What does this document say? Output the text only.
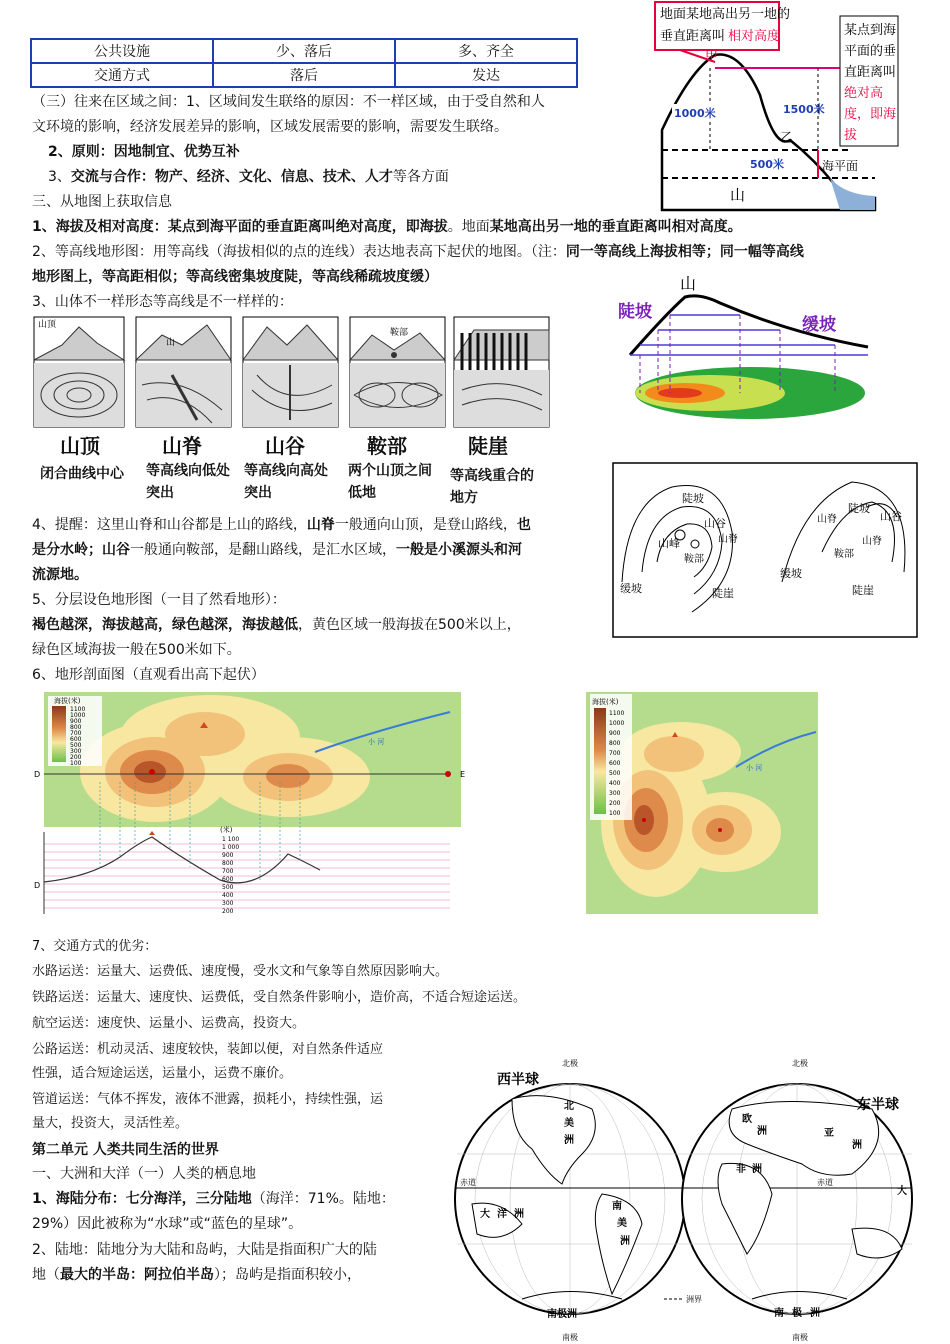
公共设施	少、落后	多、齐全
交通方式	落后	发达
（三）往来在区域之间：1、区域间发生联络的原因：不一样区域，由于受自然和人
文环境的影响，经济发展差异的影响，区域发展需要的影响，需要发生联络。
2、原则：因地制宜、优势互补
3、交流与合作：物产、经济、文化、信息、技术、人才等各方面
三、从地图上获取信息
1、海拔及相对高度：某点到海平面的垂直距离叫绝对高度，即海拔。地面某地高出另一地的垂直距离叫相对高度。
2、等高线地形图：用等高线（海拔相似的点的连线）表达地表高下起伏的地图。（注：同一等高线上海拔相等；同一幅等高线
地形图上，等高距相似；等高线密集坡度陡，等高线稀疏坡度缓）
3、山体不一样形态等高线是不一样样的：
地面某地高出另一地的
垂直距离叫 相对高度	某点到海
平面的垂
直距离叫
绝对高
度，即海
拔
甲
乙
1000米	1500米
500米	海平面
山
山
陡坡
缓坡
山顶
山
鞍部
山顶	山脊	山谷	鞍部	陡崖
闭合曲线中心	等高线向低处突出
等高线向高处突出
两个山顶之间低地
等高线重合的地方	陡坡
山谷
山峰	山脊
鞍部
缓坡	陡崖
陡坡
山谷
山脊
山脊
鞍部
缓坡
陡崖
4、提醒：这里山脊和山谷都是上山的路线，山脊一般通向山顶，是登山路线，也
是分水岭；山谷一般通向鞍部，是翻山路线，是汇水区域，一般是小溪源头和河
流源地。
5、分层设色地形图（一目了然看地形）：
褐色越深，海拔越高，绿色越深，海拔越低，黄色区域一般海拔在500米以上，
绿色区域海拔一般在500米如下。
6、地形剖面图（直观看出高下起伏）
海拔(米)
1100
1000
900
800
700
600
500
300
200
100
D	E
小 河
(米)
1 100
1 000
900
800
700
600
500
400
300
200
D
海拔(米)
1100
1000
900
800
700
600
500
400
300
200
100
小 河
7、交通方式的优劣：
水路运送：运量大、运费低、速度慢，受水文和气象等自然原因影响大。
铁路运送：运量大、速度快、运费低，受自然条件影响小，造价高，不适合短途运送。
航空运送：速度快、运量小、运费高，投资大。
公路运送：机动灵活、速度较快，装卸以便，对自然条件适应
性强，适合短途运送，运量小，运费不廉价。
管道运送：气体不挥发，液体不泄露，损耗小，持续性强，运
量大，投资大，灵活性差。
第二单元 人类共同生活的世界
一、大洲和大洋（一）人类的栖息地
1、海陆分布：七分海洋，三分陆地（海洋：71%。陆地：
29%）因此被称为“水球”或“蓝色的星球”。
2、陆地：陆地分为大陆和岛屿，大陆是指面积广大的陆
地（最大的半岛：阿拉伯半岛）；岛屿是指面积较小，
西半球
东半球
北极	北极
南极	南极
赤道	赤道
北
美
洲
大 洋 洲
南
美
洲
南极洲
欧
洲	亚
洲
非 洲
大
南 极 洲
洲界
